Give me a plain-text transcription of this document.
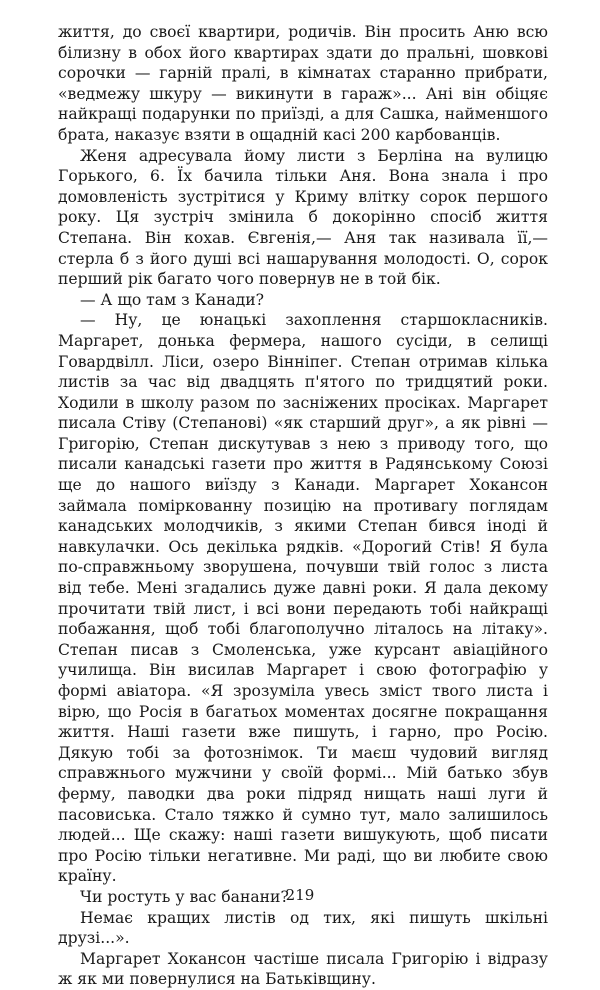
життя, до своєї квартири, родичів. Він просить Аню всю білизну в обох його квартирах здати до пральні, шовкові сорочки — гарній пралі, в кімнатах старанно прибрати, «ведмежу шкуру — викинути в гараж»... Ані він обіцяє найкращі подарунки по приїзді, а для Сашка, найменшого брата, наказує взяти в ощадній касі 200 карбованців.

Женя адресувала йому листи з Берліна на вулицю Горького, 6. Їх бачила тільки Аня. Вона знала і про домовленість зустрітися у Криму влітку сорок першого року. Ця зустріч змінила б докорінно спосіб життя Степана. Він кохав. Євгенія,— Аня так називала її,— стерла б з його душі всі нашарування молодості. О, сорок перший рік багато чого повернув не в той бік.

— А що там з Канади?

— Ну, це юнацькі захоплення старшокласників. Маргарет, донька фермера, нашого сусіди, в селищі Говардвілл. Ліси, озеро Вінніпег. Степан отримав кілька листів за час від двадцять п'ятого по тридцятий роки. Ходили в школу разом по засніжених просіках. Маргарет писала Стіву (Степанові) «як старший друг», а як рівні — Григорію, Степан дискутував з нею з приводу того, що писали канадські газети про життя в Радянському Союзі ще до нашого виїзду з Канади. Маргарет Хокансон займала поміркованну позицію на противагу поглядам канадських молодчиків, з якими Степан бився іноді й навкулачки. Ось декілька рядків. «Дорогий Стів! Я була по-справжньому зворушена, почувши твій голос з листа від тебе. Мені згадались дуже давні роки. Я дала декому прочитати твій лист, і всі вони передають тобі найкращі побажання, щоб тобі благополучно літалось на літаку». Степан писав з Смоленська, уже курсант авіаційного училища. Він висилав Маргарет і свою фотографію у формі авіатора. «Я зрозуміла увесь зміст твого листа і вірю, що Росія в багатьох моментах досягне покращання життя. Наші газети вже пишуть, і гарно, про Росію. Дякую тобі за фотознімок. Ти маєш чудовий вигляд справжнього мужчини у своїй формі... Мій батько збув ферму, паводки два роки підряд нищать наші луги й пасовиська. Стало тяжко й сумно тут, мало залишилось людей... Ще скажу: наші газети вишукують, щоб писати про Росію тільки негативне. Ми раді, що ви любите свою країну.

Чи ростуть у вас банани?

Немає кращих листів од тих, які пишуть шкільні друзі...».

Маргарет Хокансон частіше писала Григорію і відразу ж як ми повернулися на Батьківщину.

219
